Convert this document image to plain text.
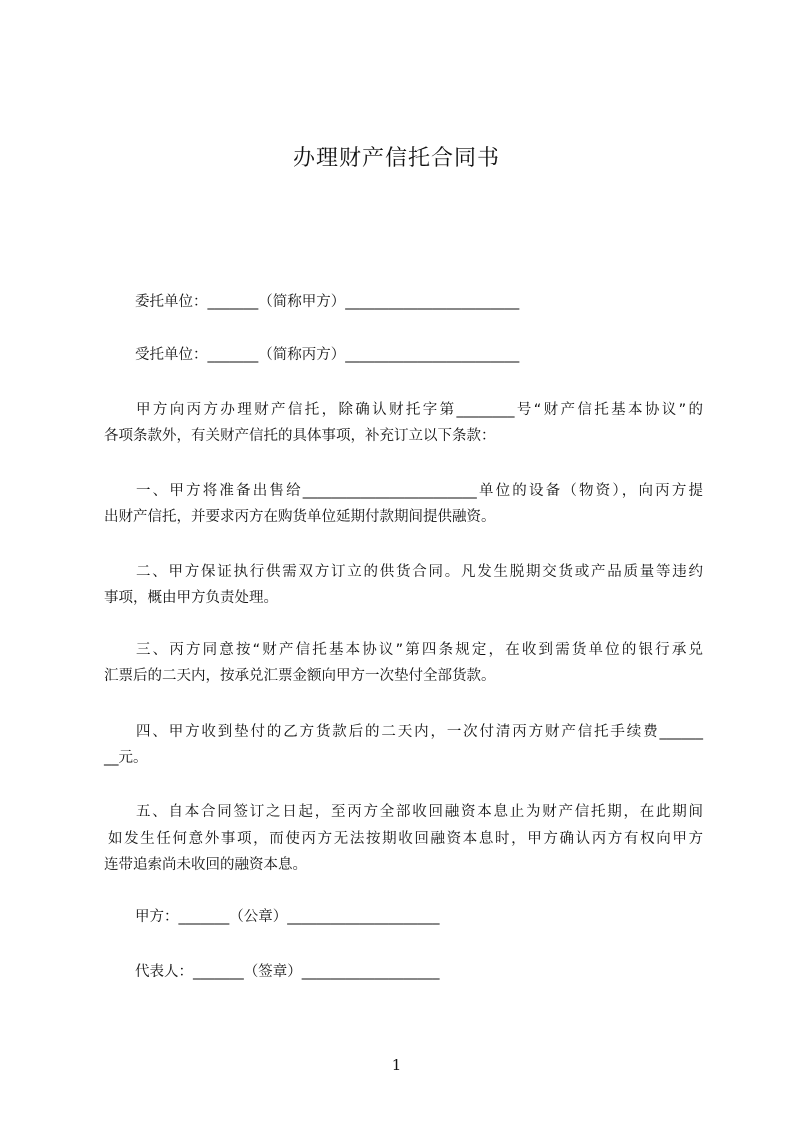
办理财产信托合同书
委托单位：_______（简称甲方）________________________
受托单位：_______（简称丙方）________________________
甲方向丙方办理财产信托，除确认财托字第________号“财产信托基本协议”的
各项条款外，有关财产信托的具体事项，补充订立以下条款：
一、甲方将准备出售给________________________单位的设备（物资），向丙方提
出财产信托，并要求丙方在购货单位延期付款期间提供融资。
二、甲方保证执行供需双方订立的供货合同。凡发生脱期交货或产品质量等违约
事项，概由甲方负责处理。
三、丙方同意按“财产信托基本协议”第四条规定，在收到需货单位的银行承兑
汇票后的二天内，按承兑汇票金额向甲方一次垫付全部货款。
四、甲方收到垫付的乙方货款后的二天内，一次付清丙方财产信托手续费______
__元。
五、自本合同签订之日起，至丙方全部收回融资本息止为财产信托期，在此期间
如发生任何意外事项，而使丙方无法按期收回融资本息时，甲方确认丙方有权向甲方
连带追索尚未收回的融资本息。
甲方：_______（公章）_____________________
代表人：_______（签章）___________________
1
